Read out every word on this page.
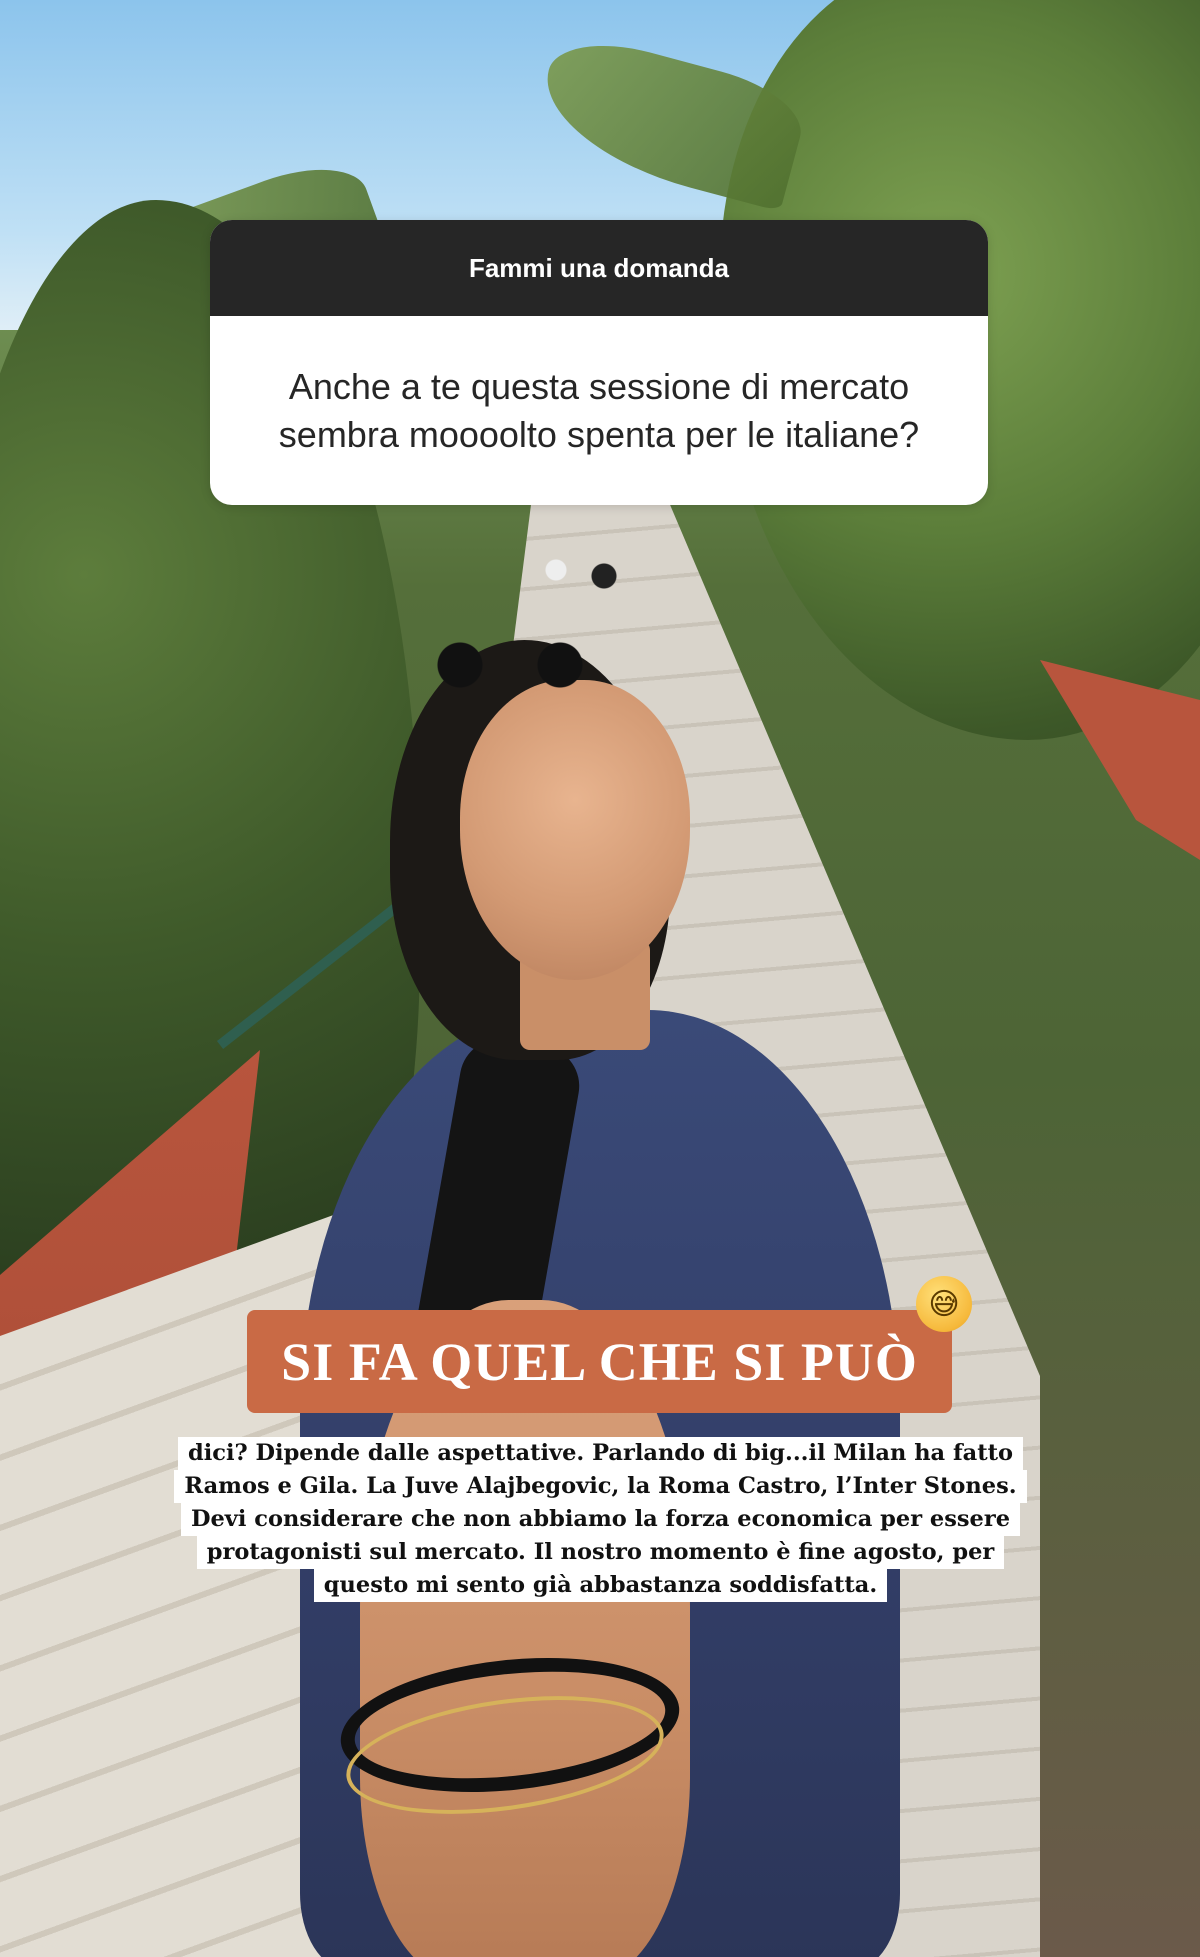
Fammi una domanda
Anche a te questa sessione di mercato sembra moooolto spenta per le italiane?
SI FA QUEL CHE SI PUÒ
😅
dici? Dipende dalle aspettative. Parlando di big...il Milan ha fatto
Ramos e Gila. La Juve Alajbegovic, la Roma Castro, l’Inter Stones.
Devi considerare che non abbiamo la forza economica per essere
protagonisti sul mercato. Il nostro momento è fine agosto, per
questo mi sento già abbastanza soddisfatta.
